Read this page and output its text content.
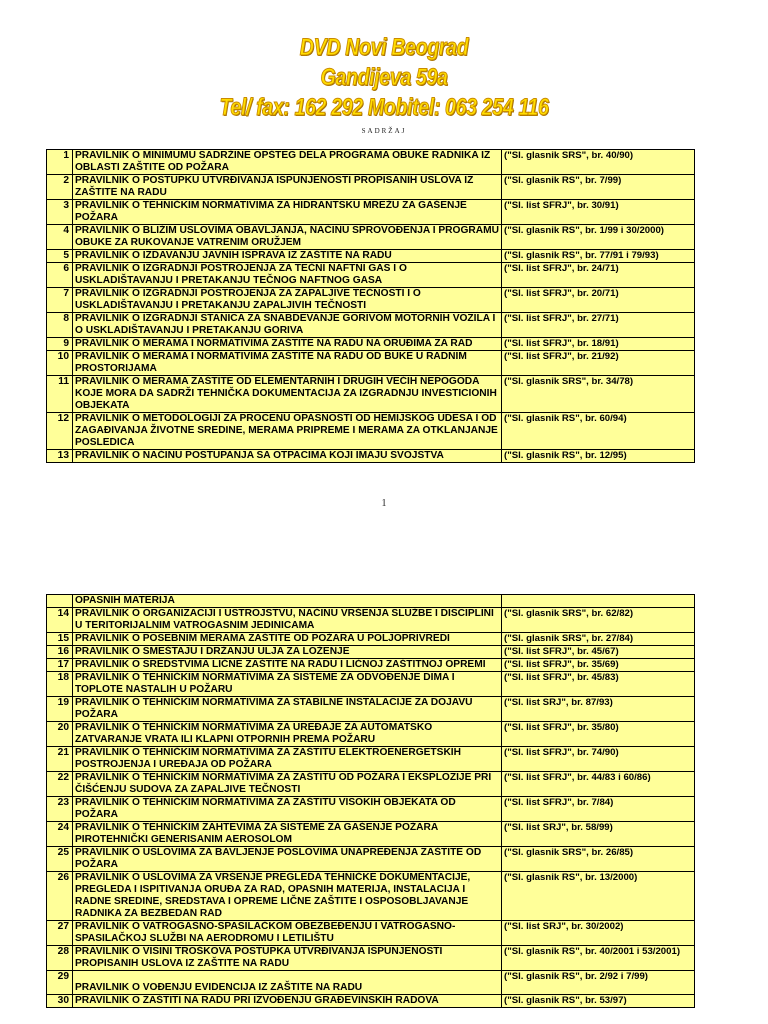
DVD Novi Beograd
Gandijeva 59a
Tel/ fax: 162 292 Mobitel: 063 254 116
SADRŽAJ
1	PRAVILNIK O MINIMUMU SADRŽINE OPŠTEG DELA PROGRAMA OBUKE RADNIKA IZ OBLASTI ZAŠTITE OD POŽARA	("Sl. glasnik SRS", br. 40/90)
2	PRAVILNIK O POSTUPKU UTVRĐIVANJA ISPUNJENOSTI PROPISANIH USLOVA IZ ZAŠTITE NA RADU	("Sl. glasnik RS", br. 7/99)
3	PRAVILNIK O TEHNIČKIM NORMATIVIMA ZA HIDRANTSKU MREŽU ZA GAŠENJE POŽARA	("Sl. list SFRJ", br. 30/91)
4	PRAVILNIK O BLIŽIM USLOVIMA OBAVLJANJA, NAČINU SPROVOĐENJA I PROGRAMU OBUKE ZA RUKOVANJE VATRENIM ORUŽJEM	("Sl. glasnik RS", br. 1/99 i 30/2000)
5	PRAVILNIK O IZDAVANJU JAVNIH ISPRAVA IZ ZAŠTITE NA RADU	("Sl. glasnik RS", br. 77/91 i 79/93)
6	PRAVILNIK O IZGRADNJI POSTROJENJA ZA TEČNI NAFTNI GAS I O USKLADIŠTAVANJU I PRETAKANJU TEČNOG NAFTNOG GASA	("Sl. list SFRJ", br. 24/71)
7	PRAVILNIK O IZGRADNJI POSTROJENJA ZA ZAPALJIVE TEČNOSTI I O USKLADIŠTAVANJU I PRETAKANJU ZAPALJIVIH TEČNOSTI	("Sl. list SFRJ", br. 20/71)
8	PRAVILNIK O IZGRADNJI STANICA ZA SNABDEVANJE GORIVOM MOTORNIH VOZILA I O USKLADIŠTAVANJU I PRETAKANJU GORIVA	("Sl. list SFRJ", br. 27/71)
9	PRAVILNIK O MERAMA I NORMATIVIMA ZAŠTITE NA RADU NA ORUĐIMA ZA RAD	("Sl. list SFRJ", br. 18/91)
10	PRAVILNIK O MERAMA I NORMATIVIMA ZAŠTITE NA RADU OD BUKE U RADNIM PROSTORIJAMA	("Sl. list SFRJ", br. 21/92)
11	PRAVILNIK O MERAMA ZAŠTITE OD ELEMENTARNIH I DRUGIH VEĆIH NEPOGODA KOJE MORA DA SADRŽI TEHNIČKA DOKUMENTACIJA ZA IZGRADNJU INVESTICIONIH OBJEKATA	("Sl. glasnik SRS", br. 34/78)
12	PRAVILNIK O METODOLOGIJI ZA PROCENU OPASNOSTI OD HEMIJSKOG UDESA I OD ZAGAĐIVANJA ŽIVOTNE SREDINE, MERAMA PRIPREME I MERAMA ZA OTKLANJANJE POSLEDICA	("Sl. glasnik RS", br. 60/94)
13	PRAVILNIK O NAČINU POSTUPANJA SA OTPACIMA KOJI IMAJU SVOJSTVA	("Sl. glasnik RS", br. 12/95)
1
	OPASNIH MATERIJA	
14	PRAVILNIK O ORGANIZACIJI I USTROJSTVU, NAČINU VRŠENJA SLUŽBE I DISCIPLINI U TERITORIJALNIM VATROGASNIM JEDINICAMA	("Sl. glasnik SRS", br. 62/82)
15	PRAVILNIK O POSEBNIM MERAMA ZAŠTITE OD POŽARA U POLJOPRIVREDI	("Sl. glasnik SRS", br. 27/84)
16	PRAVILNIK O SMEŠTAJU I DRŽANJU ULJA ZA LOŽENJE	("Sl. list SFRJ", br. 45/67)
17	PRAVILNIK O SREDSTVIMA LIČNE ZAŠTITE NA RADU I LIČNOJ ZAŠTITNOJ OPREMI	("Sl. list SFRJ", br. 35/69)
18	PRAVILNIK O TEHNIČKIM NORMATIVIMA ZA SISTEME ZA ODVOĐENJE DIMA I TOPLOTE NASTALIH U POŽARU	("Sl. list SFRJ", br. 45/83)
19	PRAVILNIK O TEHNIČKIM NORMATIVIMA ZA STABILNE INSTALACIJE ZA DOJAVU POŽARA	("Sl. list SRJ", br. 87/93)
20	PRAVILNIK O TEHNIČKIM NORMATIVIMA ZA UREĐAJE ZA AUTOMATSKO ZATVARANJE VRATA ILI KLAPNI OTPORNIH PREMA POŽARU	("Sl. list SFRJ", br. 35/80)
21	PRAVILNIK O TEHNIČKIM NORMATIVIMA ZA ZAŠTITU ELEKTROENERGETSKIH POSTROJENJA I UREĐAJA OD POŽARA	("Sl. list SFRJ", br. 74/90)
22	PRAVILNIK O TEHNIČKIM NORMATIVIMA ZA ZAŠTITU OD POŽARA I EKSPLOZIJE PRI ČIŠĆENJU SUDOVA ZA ZAPALJIVE TEČNOSTI	("Sl. list SFRJ", br. 44/83 i 60/86)
23	PRAVILNIK O TEHNIČKIM NORMATIVIMA ZA ZAŠTITU VISOKIH OBJEKATA OD POŽARA	("Sl. list SFRJ", br. 7/84)
24	PRAVILNIK O TEHNIČKIM ZAHTEVIMA ZA SISTEME ZA GAŠENJE POŽARA PIROTEHNIČKI GENERISANIM AEROSOLOM	("Sl. list SRJ", br. 58/99)
25	PRAVILNIK O USLOVIMA ZA BAVLJENJE POSLOVIMA UNAPREĐENJA ZAŠTITE OD POŽARA	("Sl. glasnik SRS", br. 26/85)
26	PRAVILNIK O USLOVIMA ZA VRŠENJE PREGLEDA TEHNIČKE DOKUMENTACIJE, PREGLEDA I ISPITIVANJA ORUĐA ZA RAD, OPASNIH MATERIJA, INSTALACIJA I RADNE SREDINE, SREDSTAVA I OPREME LIČNE ZAŠTITE I OSPOSOBLJAVANJE RADNIKA ZA BEZBEDAN RAD	("Sl. glasnik RS", br. 13/2000)
27	PRAVILNIK O VATROGASNO-SPASILAČKOM OBEZBEĐENJU I VATROGASNO-SPASILAČKOJ SLUŽBI NA AERODROMU I LETILIŠTU	("Sl. list SRJ", br. 30/2002)
28	PRAVILNIK O VISINI TROŠKOVA POSTUPKA UTVRĐIVANJA ISPUNJENOSTI PROPISANIH USLOVA IZ ZAŠTITE NA RADU	("Sl. glasnik RS", br. 40/2001 i 53/2001)
29	PRAVILNIK O VOĐENJU EVIDENCIJA IZ ZAŠTITE NA RADU	("Sl. glasnik RS", br. 2/92 i 7/99)
30	PRAVILNIK O ZAŠTITI NA RADU PRI IZVOĐENJU GRAĐEVINSKIH RADOVA	("Sl. glasnik RS", br. 53/97)
